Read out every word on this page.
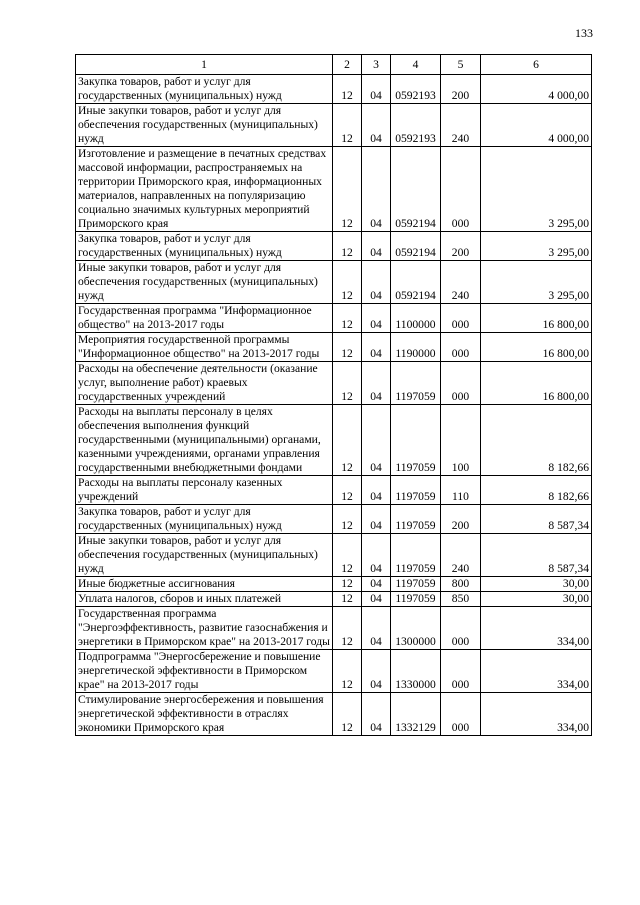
133
1	2	3	4	5	6
Закупка товаров, работ и услуг для государственных (муниципальных) нужд	12	04	0592193	200	4 000,00
Иные закупки товаров, работ и услуг для обеспечения государственных (муниципальных) нужд	12	04	0592193	240	4 000,00
Изготовление и размещение в печатных средствах массовой информации, распространяемых на территории Приморского края, информационных материалов, направленных на популяризацию социально значимых культурных мероприятий Приморского края	12	04	0592194	000	3 295,00
Закупка товаров, работ и услуг для государственных (муниципальных) нужд	12	04	0592194	200	3 295,00
Иные закупки товаров, работ и услуг для обеспечения государственных (муниципальных) нужд	12	04	0592194	240	3 295,00
Государственная программа "Информационное общество" на 2013-2017 годы	12	04	1100000	000	16 800,00
Мероприятия государственной программы "Информационное общество" на 2013-2017 годы	12	04	1190000	000	16 800,00
Расходы на обеспечение деятельности (оказание услуг, выполнение работ) краевых государственных учреждений	12	04	1197059	000	16 800,00
Расходы на выплаты персоналу в целях обеспечения выполнения функций государственными (муниципальными) органами, казенными учреждениями, органами управления государственными внебюджетными фондами	12	04	1197059	100	8 182,66
Расходы на выплаты персоналу казенных учреждений	12	04	1197059	110	8 182,66
Закупка товаров, работ и услуг для государственных (муниципальных) нужд	12	04	1197059	200	8 587,34
Иные закупки товаров, работ и услуг для обеспечения государственных (муниципальных) нужд	12	04	1197059	240	8 587,34
Иные бюджетные ассигнования	12	04	1197059	800	30,00
Уплата налогов, сборов и иных платежей	12	04	1197059	850	30,00
Государственная программа "Энергоэффективность, развитие газоснабжения и энергетики в Приморском крае" на 2013-2017 годы	12	04	1300000	000	334,00
Подпрограмма "Энергосбережение и повышение энергетической эффективности в Приморском крае" на 2013-2017 годы	12	04	1330000	000	334,00
Стимулирование энергосбережения и повышения энергетической эффективности в отраслях экономики Приморского края	12	04	1332129	000	334,00
